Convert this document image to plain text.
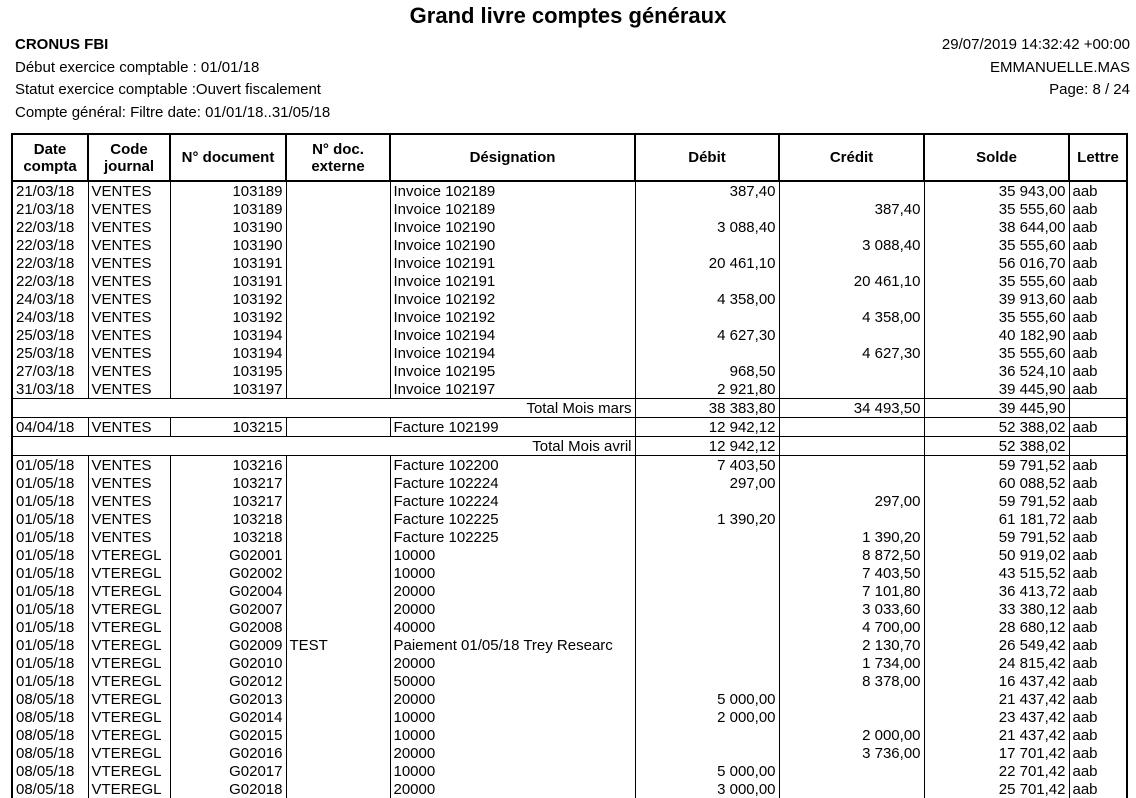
Grand livre comptes généraux
CRONUS FBI
Début exercice comptable : 01/01/18
Statut exercice comptable :Ouvert fiscalement
Compte général: Filtre date: 01/01/18..31/05/18
29/07/2019 14:32:42 +00:00
EMMANUELLE.MAS
Page: 8 / 24
Date compta	Code journal	N° document	N° doc. externe	Désignation	Débit	Crédit	Solde	Lettre
21/03/18	VENTES	103189		Invoice 102189	387,40		35 943,00	aab
21/03/18	VENTES	103189		Invoice 102189		387,40	35 555,60	aab
22/03/18	VENTES	103190		Invoice 102190	3 088,40		38 644,00	aab
22/03/18	VENTES	103190		Invoice 102190		3 088,40	35 555,60	aab
22/03/18	VENTES	103191		Invoice 102191	20 461,10		56 016,70	aab
22/03/18	VENTES	103191		Invoice 102191		20 461,10	35 555,60	aab
24/03/18	VENTES	103192		Invoice 102192	4 358,00		39 913,60	aab
24/03/18	VENTES	103192		Invoice 102192		4 358,00	35 555,60	aab
25/03/18	VENTES	103194		Invoice 102194	4 627,30		40 182,90	aab
25/03/18	VENTES	103194		Invoice 102194		4 627,30	35 555,60	aab
27/03/18	VENTES	103195		Invoice 102195	968,50		36 524,10	aab
31/03/18	VENTES	103197		Invoice 102197	2 921,80		39 445,90	aab
Total Mois mars					38 383,80	34 493,50	39 445,90	
04/04/18	VENTES	103215		Facture 102199	12 942,12		52 388,02	aab
Total Mois avril					12 942,12		52 388,02	
01/05/18	VENTES	103216		Facture 102200	7 403,50		59 791,52	aab
01/05/18	VENTES	103217		Facture 102224	297,00		60 088,52	aab
01/05/18	VENTES	103217		Facture 102224		297,00	59 791,52	aab
01/05/18	VENTES	103218		Facture 102225	1 390,20		61 181,72	aab
01/05/18	VENTES	103218		Facture 102225		1 390,20	59 791,52	aab
01/05/18	VTEREGL	G02001		10000		8 872,50	50 919,02	aab
01/05/18	VTEREGL	G02002		10000		7 403,50	43 515,52	aab
01/05/18	VTEREGL	G02004		20000		7 101,80	36 413,72	aab
01/05/18	VTEREGL	G02007		20000		3 033,60	33 380,12	aab
01/05/18	VTEREGL	G02008		40000		4 700,00	28 680,12	aab
01/05/18	VTEREGL	G02009	TEST	Paiement 01/05/18 Trey Researc		2 130,70	26 549,42	aab
01/05/18	VTEREGL	G02010		20000		1 734,00	24 815,42	aab
01/05/18	VTEREGL	G02012		50000		8 378,00	16 437,42	aab
08/05/18	VTEREGL	G02013		20000	5 000,00		21 437,42	aab
08/05/18	VTEREGL	G02014		10000	2 000,00		23 437,42	aab
08/05/18	VTEREGL	G02015		10000		2 000,00	21 437,42	aab
08/05/18	VTEREGL	G02016		20000		3 736,00	17 701,42	aab
08/05/18	VTEREGL	G02017		10000	5 000,00		22 701,42	aab
08/05/18	VTEREGL	G02018		20000	3 000,00		25 701,42	aab
